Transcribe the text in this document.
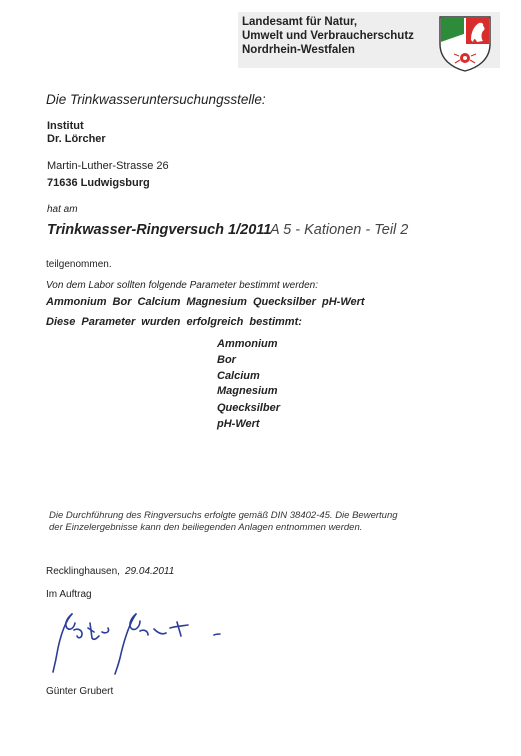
Landesamt für Natur,
Umwelt und Verbraucherschutz
Nordrhein-Westfalen
Die Trinkwasseruntersuchungsstelle:
Institut
Dr. Lörcher
Martin-Luther-Strasse 26
71636 Ludwigsburg
hat am
Trinkwasser-Ringversuch 1/2011
A 5 - Kationen - Teil 2
teilgenommen.
Von dem Labor sollten folgende Parameter bestimmt werden:
Ammonium Bor Calcium Magnesium Quecksilber pH-Wert
Diese Parameter wurden erfolgreich bestimmt:
Ammonium
Bor
Calcium
Magnesium
Quecksilber
pH-Wert
Die Durchführung des Ringversuchs erfolgte gemäß DIN 38402-45. Die Bewertung
der Einzelergebnisse kann den beiliegenden Anlagen entnommen werden.
Recklinghausen, 29.04.2011
Im Auftrag
Günter Grubert
